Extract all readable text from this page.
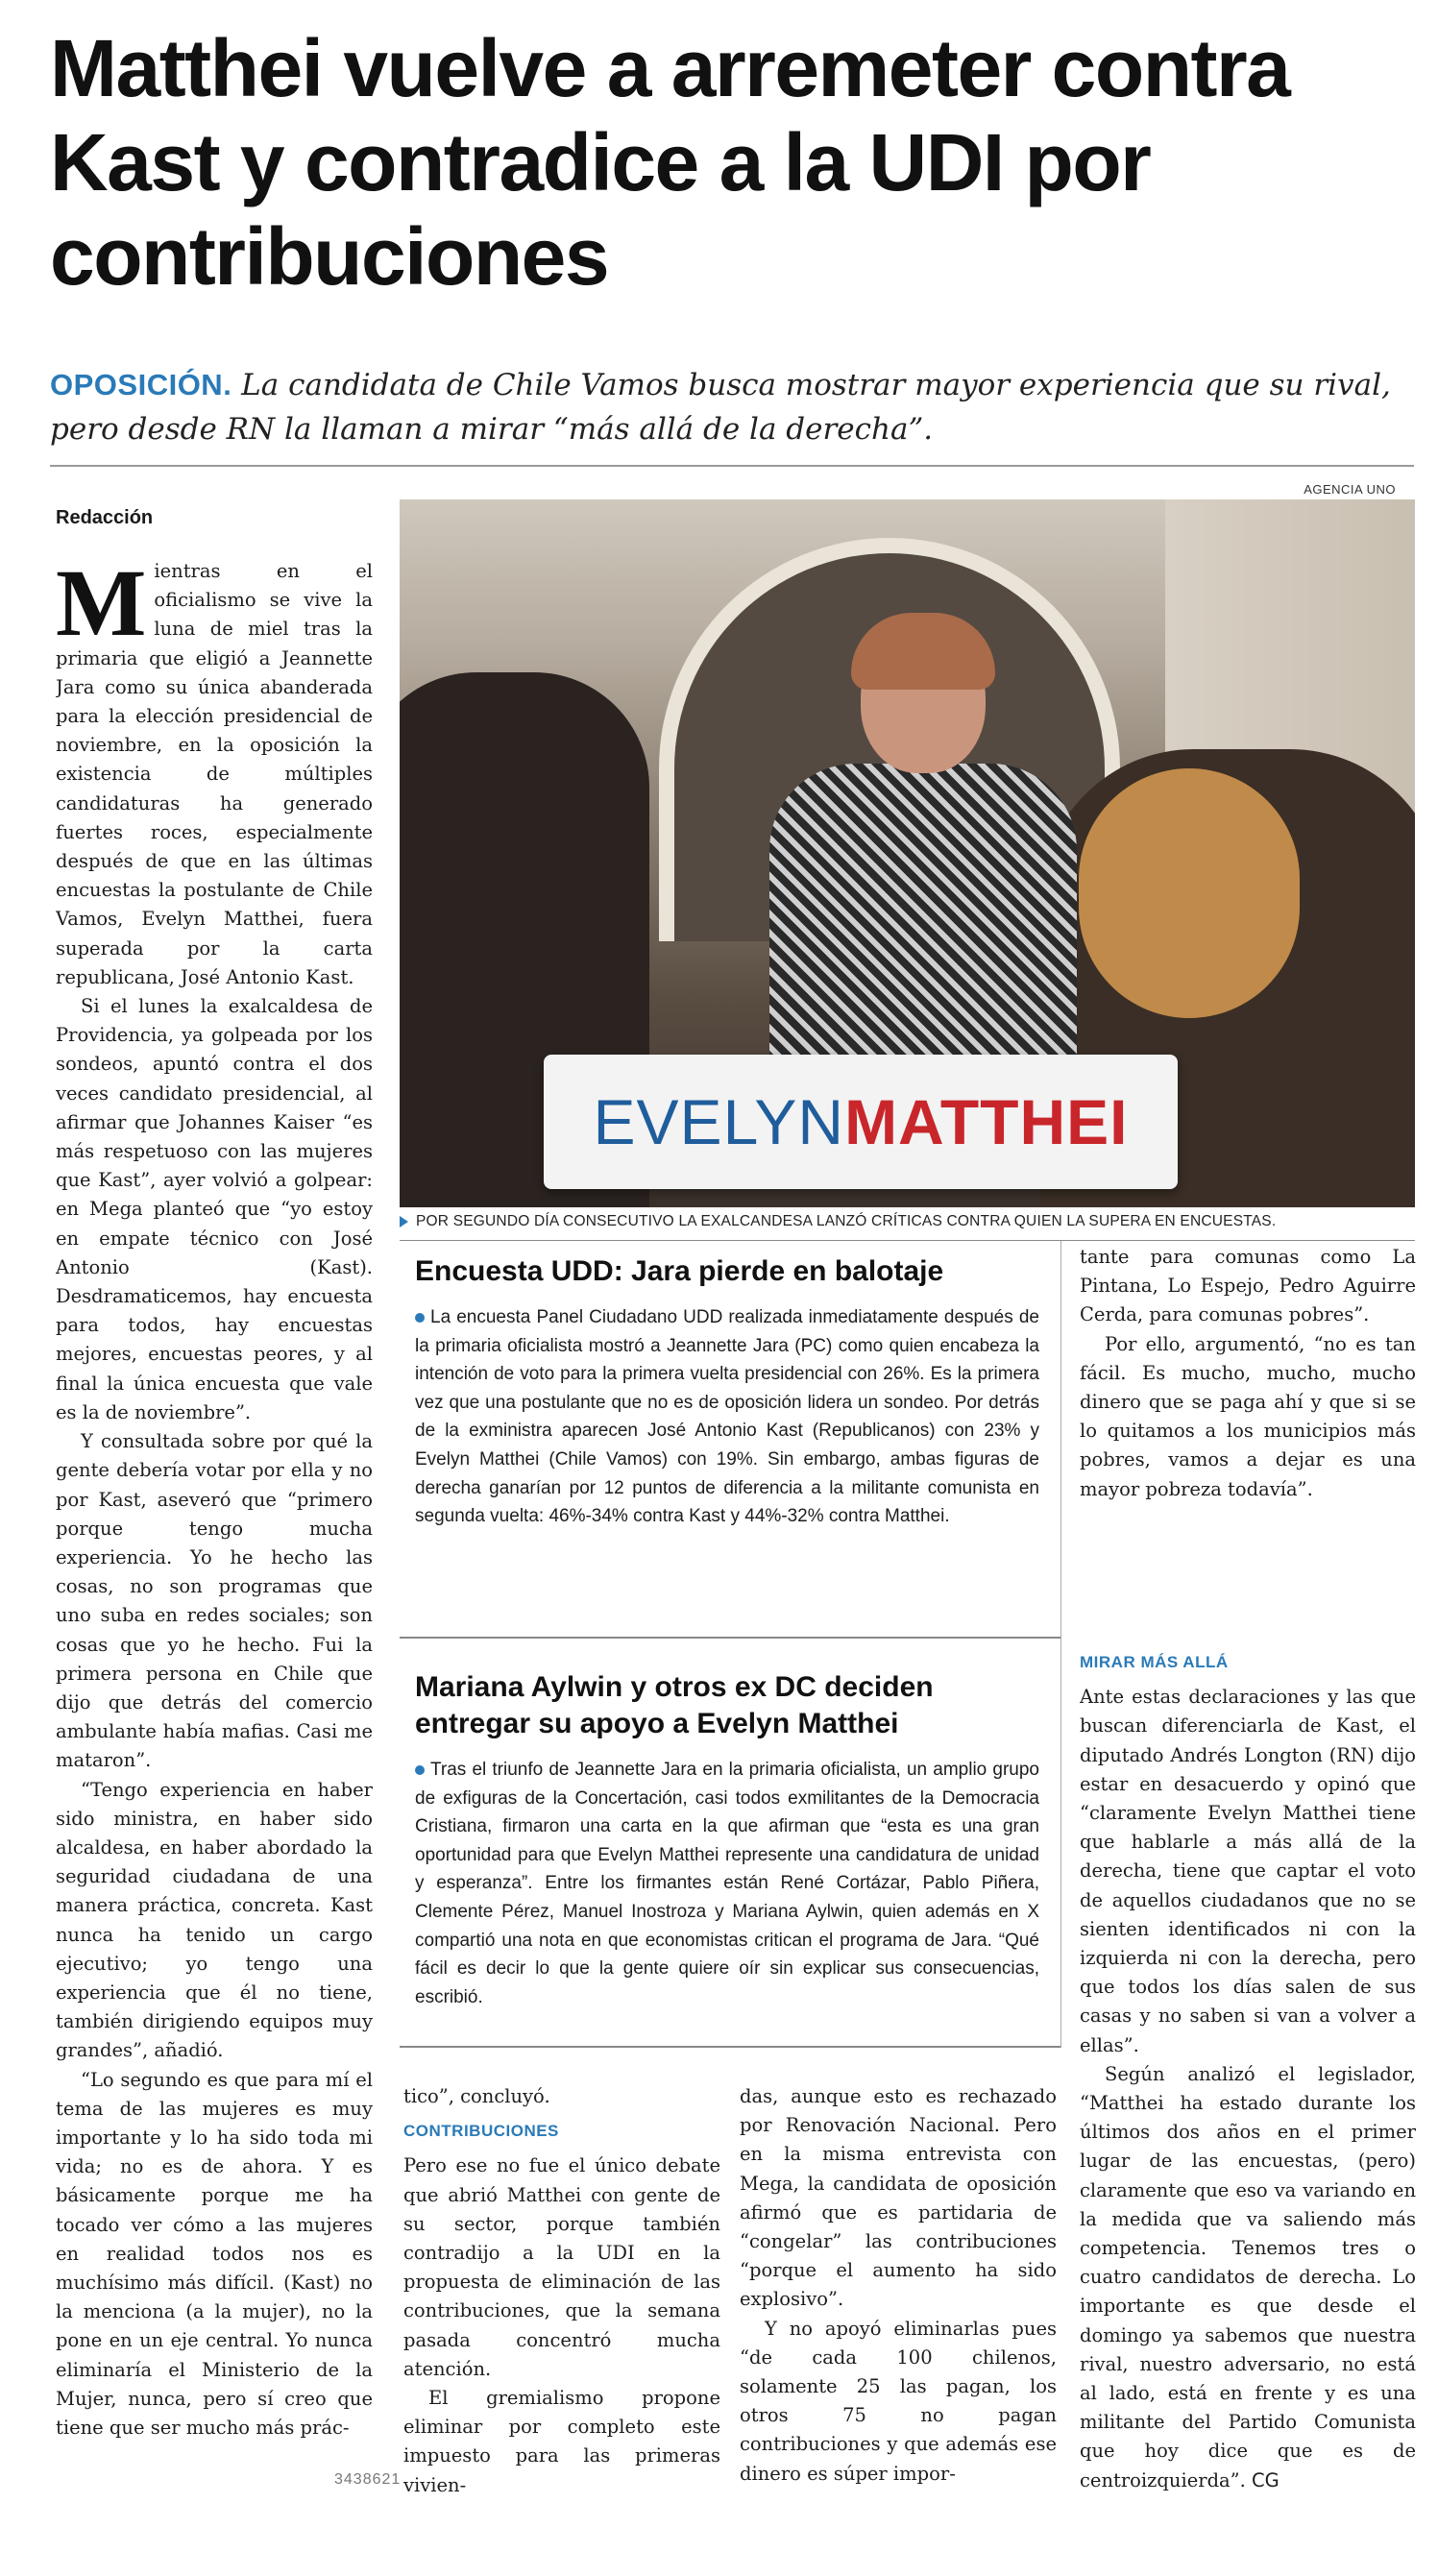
Matthei vuelve a arremeter contra Kast y contradice a la UDI por contribuciones
OPOSICIÓN. La candidata de Chile Vamos busca mostrar mayor experiencia que su rival, pero desde RN la llaman a mirar “más allá de la derecha”.
Redacción
AGENCIA UNO

Mientras en el oficialismo se vive la luna de miel tras la primaria que eligió a Jeannette Jara como su única abanderada para la elección presidencial de noviembre, en la oposición la existencia de múltiples candidaturas ha generado fuertes roces, especialmente después de que en las últimas encuestas la postulante de Chile Vamos, Evelyn Matthei, fuera superada por la carta republicana, José Antonio Kast.

Si el lunes la exalcaldesa de Providencia, ya golpeada por los sondeos, apuntó contra el dos veces candidato presidencial, al afirmar que Johannes Kaiser “es más respetuoso con las mujeres que Kast”, ayer volvió a golpear: en Mega planteó que “yo estoy en empate técnico con José Antonio (Kast). Desdramaticemos, hay encuesta para todos, hay encuestas mejores, encuestas peores, y al final la única encuesta que vale es la de noviembre”.

Y consultada sobre por qué la gente debería votar por ella y no por Kast, aseveró que “primero porque tengo mucha experiencia. Yo he hecho las cosas, no son programas que uno suba en redes sociales; son cosas que yo he hecho. Fui la primera persona en Chile que dijo que detrás del comercio ambulante había mafias. Casi me mataron”.

“Tengo experiencia en haber sido ministra, en haber sido alcaldesa, en haber abordado la seguridad ciudadana de una manera práctica, concreta. Kast nunca ha tenido un cargo ejecutivo; yo tengo una experiencia que él no tiene, también dirigiendo equipos muy grandes”, añadió.

“Lo segundo es que para mí el tema de las mujeres es muy importante y lo ha sido toda mi vida; no es de ahora. Y es básicamente porque me ha tocado ver cómo a las mujeres en realidad todos nos es muchísimo más difícil. (Kast) no la menciona (a la mujer), no la pone en un eje central. Yo nunca eliminaría el Ministerio de la Mujer, nunca, pero sí creo que tiene que ser mucho más prác-

EVELYN MATTHEI
POR SEGUNDO DÍA CONSECUTIVO LA EXALCANDESA LANZÓ CRÍTICAS CONTRA QUIEN LA SUPERA EN ENCUESTAS.
Encuesta UDD: Jara pierde en balotaje
La encuesta Panel Ciudadano UDD realizada inmediatamente después de la primaria oficialista mostró a Jeannette Jara (PC) como quien encabeza la intención de voto para la primera vuelta presidencial con 26%. Es la primera vez que una postulante que no es de oposición lidera un sondeo. Por detrás de la exministra aparecen José Antonio Kast (Republicanos) con 23% y Evelyn Matthei (Chile Vamos) con 19%. Sin embargo, ambas figuras de derecha ganarían por 12 puntos de diferencia a la militante comunista en segunda vuelta: 46%-34% contra Kast y 44%-32% contra Matthei.
Mariana Aylwin y otros ex DC deciden entregar su apoyo a Evelyn Matthei
Tras el triunfo de Jeannette Jara en la primaria oficialista, un amplio grupo de exfiguras de la Concertación, casi todos exmilitantes de la Democracia Cristiana, firmaron una carta en la que afirman que “esta es una gran oportunidad para que Evelyn Matthei represente una candidatura de unidad y esperanza”. Entre los firmantes están René Cortázar, Pablo Piñera, Clemente Pérez, Manuel Inostroza y Mariana Aylwin, quien además en X compartió una nota en que economistas critican el programa de Jara. “Qué fácil es decir lo que la gente quiere oír sin explicar sus consecuencias, escribió.

tante para comunas como La Pintana, Lo Espejo, Pedro Aguirre Cerda, para comunas pobres”.

Por ello, argumentó, “no es tan fácil. Es mucho, mucho, mucho dinero que se paga ahí y que si se lo quitamos a los municipios más pobres, vamos a dejar es una mayor pobreza todavía”.

MIRAR MÁS ALLÁ

Ante estas declaraciones y las que buscan diferenciarla de Kast, el diputado Andrés Longton (RN) dijo estar en desacuerdo y opinó que “claramente Evelyn Matthei tiene que hablarle a más allá de la derecha, tiene que captar el voto de aquellos ciudadanos que no se sienten identificados ni con la izquierda ni con la derecha, pero que todos los días salen de sus casas y no saben si van a volver a ellas”.

Según analizó el legislador, “Matthei ha estado durante los últimos dos años en el primer lugar de las encuestas, (pero) claramente que eso va variando en la medida que va saliendo más competencia. Tenemos tres o cuatro candidatos de derecha. Lo importante es que desde el domingo ya sabemos que nuestra rival, nuestro adversario, no está al lado, está en frente y es una militante del Partido Comunista que hoy dice que es de centroizquierda”. CG

tico”, concluyó.

CONTRIBUCIONES

Pero ese no fue el único debate que abrió Matthei con gente de su sector, porque también contradijo a la UDI en la propuesta de eliminación de las contribuciones, que la semana pasada concentró mucha atención.

El gremialismo propone eliminar por completo este impuesto para las primeras vivien-

das, aunque esto es rechazado por Renovación Nacional. Pero en la misma entrevista con Mega, la candidata de oposición afirmó que es partidaria de “congelar” las contribuciones “porque el aumento ha sido explosivo”.

Y no apoyó eliminarlas pues “de cada 100 chilenos, solamente 25 las pagan, los otros 75 no pagan contribuciones y que además ese dinero es súper impor-

3438621
